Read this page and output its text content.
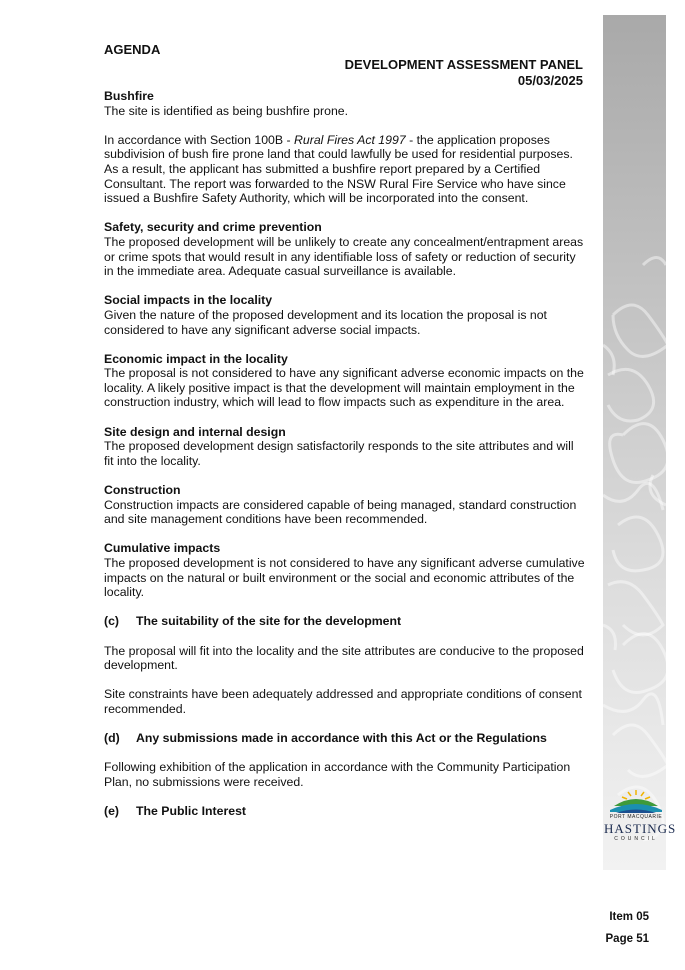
PORT MACQUARIE
HASTINGS
COUNCIL
AGENDA
DEVELOPMENT ASSESSMENT PANEL
05/03/2025
Bushfire

The site is identified as being bushfire prone.

In accordance with Section 100B - Rural Fires Act 1997 - the application proposes subdivision of bush fire prone land that could lawfully be used for residential purposes. As a result, the applicant has submitted a bushfire report prepared by a Certified Consultant. The report was forwarded to the NSW Rural Fire Service who have since issued a Bushfire Safety Authority, which will be incorporated into the consent.

Safety, security and crime prevention

The proposed development will be unlikely to create any concealment/entrapment areas or crime spots that would result in any identifiable loss of safety or reduction of security in the immediate area. Adequate casual surveillance is available.

Social impacts in the locality

Given the nature of the proposed development and its location the proposal is not considered to have any significant adverse social impacts.

Economic impact in the locality

The proposal is not considered to have any significant adverse economic impacts on the locality. A likely positive impact is that the development will maintain employment in the construction industry, which will lead to flow impacts such as expenditure in the area.

Site design and internal design

The proposed development design satisfactorily responds to the site attributes and will fit into the locality.

Construction

Construction impacts are considered capable of being managed, standard construction and site management conditions have been recommended.

Cumulative impacts

The proposed development is not considered to have any significant adverse cumulative impacts on the natural or built environment or the social and economic attributes of the locality.

(c)	The suitability of the site for the development

The proposal will fit into the locality and the site attributes are conducive to the proposed development.

Site constraints have been adequately addressed and appropriate conditions of consent recommended.

(d)	Any submissions made in accordance with this Act or the Regulations

Following exhibition of the application in accordance with the Community Participation Plan, no submissions were received.

(e)	The Public Interest
Item 05
Page 51
